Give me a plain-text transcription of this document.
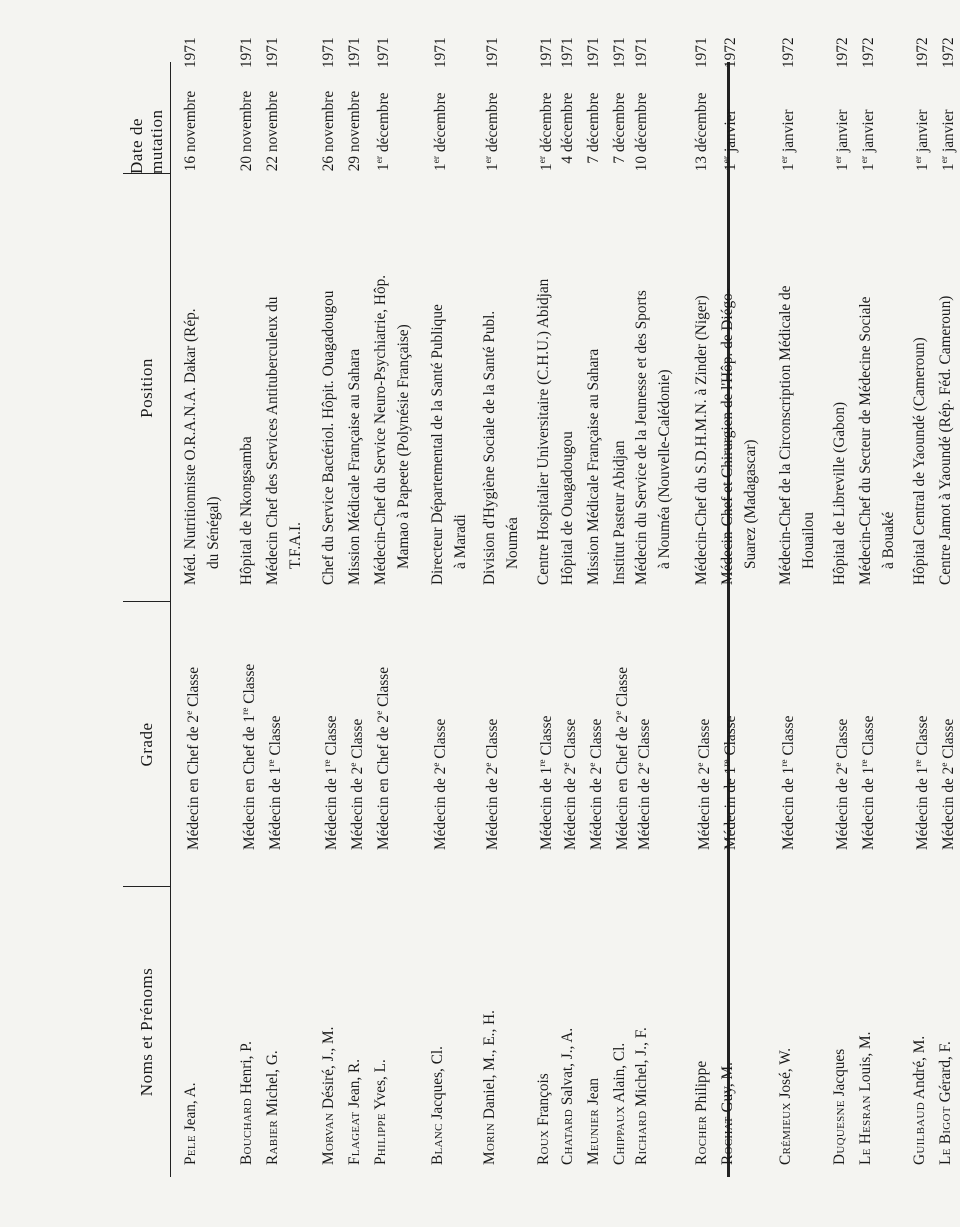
Noms et Prénoms
Grade
Position
Date de mutation
Pele Jean, A.
Médecin en Chef de 2e Classe
Méd. Nutritionniste O.R.A.N.A. Dakar (Rép. du Sénégal)
16novembre1971
Bouchard Henri, P.
Médecin en Chef de 1re Classe
Hôpital de Nkongsamba
20novembre1971
Rabier Michel, G.
Médecin de 1re Classe
Médecin Chef des Services Antituberculeux du T.F.A.I.
22novembre1971
Morvan Désiré, J., M.
Médecin de 1re Classe
Chef du Service Bactériol. Hôpit. Ouagadougou
26novembre1971
Flageat Jean, R.
Médecin de 2e Classe
Mission Médicale Française au Sahara
29novembre1971
Philippe Yves, L.
Médecin en Chef de 2e Classe
Médecin-Chef du Service Neuro-Psychiatrie, Hôp. Mamao à Papeete (Polynésie Française)
1erdécembre1971
Blanc Jacques, Cl.
Médecin de 2e Classe
Directeur Départemental de la Santé Publique à Maradi
1erdécembre1971
Morin Daniel, M., E., H.
Médecin de 2e Classe
Division d'Hygiène Sociale de la Santé Publ. Nouméa
1erdécembre1971
Roux François
Médecin de 1re Classe
Centre Hospitalier Universitaire (C.H.U.) Abidjan
1erdécembre1971
Chatard Salvat, J., A.
Médecin de 2e Classe
Hôpital de Ouagadougou
4décembre1971
Meunier Jean
Médecin de 2e Classe
Mission Médicale Française au Sahara
7décembre1971
Chippaux Alain, Cl.
Médecin en Chef de 2e Classe
Institut Pasteur Abidjan
7décembre1971
Richard Michel, J., F.
Médecin de 2e Classe
Médecin du Service de la Jeunesse et des Sports à Nouméa (Nouvelle-Calédonie)
10décembre1971
Rocher Philippe
Médecin de 2e Classe
Médecin-Chef du S.D.H.M.N. à Zinder (Niger)
13décembre1971
Rochat Guy, M.
Médecin de 1re Classe
Médecin-Chef et Chirurgien de l'Hôp. de Diégo- Suarez (Madagascar)
1erjanvier1972
Crémieux José, W.
Médecin de 1re Classe
Médecin-Chef de la Circonscription Médicale de Houailou
1erjanvier1972
Duquesne Jacques
Médecin de 2e Classe
Hôpital de Libreville (Gabon)
1erjanvier1972
Le Hesran Louis, M.
Médecin de 1re Classe
Médecin-Chef du Secteur de Médecine Sociale à Bouaké
1erjanvier1972
Guilbaud André, M.
Médecin de 1re Classe
Hôpital Central de Yaoundé (Cameroun)
1erjanvier1972
Le Bigot Gérard, F.
Médecin de 2e Classe
Centre Jamot à Yaoundé (Rép. Féd. Cameroun)
1erjanvier1972
